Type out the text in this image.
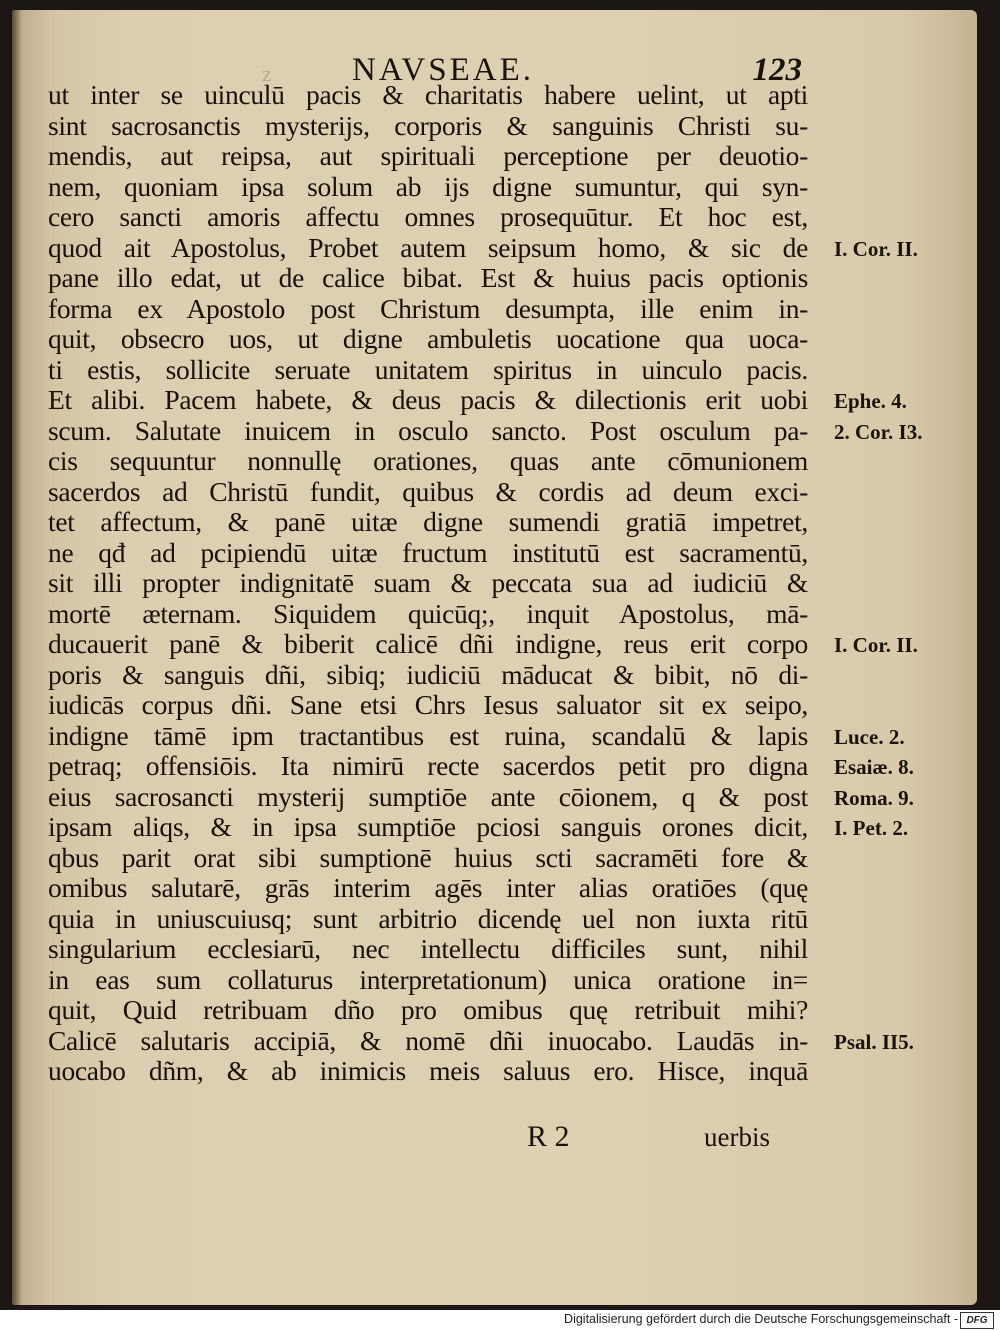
z NAVSEAE.	123
ut inter se uinculū pacis & charitatis habere uelint, ut apti
sint sacrosanctis mysterijs, corporis & sanguinis Christi su-
mendis, aut reipsa, aut spirituali perceptione per deuotio-
nem, quoniam ipsa solum ab ijs digne sumuntur, qui syn-
cero sancti amoris affectu omnes prosequūtur. Et hoc est,
quod ait Apostolus, Probet autem seipsum homo, & sic de
pane illo edat, ut de calice bibat. Est & huius pacis optionis
forma ex Apostolo post Christum desumpta, ille enim in-
quit, obsecro uos, ut digne ambuletis uocatione qua uoca-
ti estis, sollicite seruate unitatem spiritus in uinculo pacis.
Et alibi. Pacem habete, & deus pacis & dilectionis erit uobi
scum. Salutate inuicem in osculo sancto. Post osculum pa-
cis sequuntur nonnullę orationes, quas ante cōmunionem
sacerdos ad Christū fundit, quibus & cordis ad deum exci-
tet affectum, & panē uitæ digne sumendi gratiā impetret,
ne qđ ad pcipiendū uitæ fructum institutū est sacramentū,
sit illi propter indignitatē suam & peccata sua ad iudiciū &
mortē æternam. Siquidem quicūq;, inquit Apostolus, mā-
ducauerit panē & biberit calicē dñi indigne, reus erit corpo
poris & sanguis dñi, sibiq; iudiciū māducat & bibit, nō di-
iudicās corpus dñi. Sane etsi Chrs Iesus saluator sit ex seipo,
indigne tāmē ipm tractantibus est ruina, scandalū & lapis
petraq; offensiōis. Ita nimirū recte sacerdos petit pro digna
eius sacrosancti mysterij sumptiōe ante cōionem, q & post
ipsam aliqs, & in ipsa sumptiōe pciosi sanguis orones dicit,
qbus parit orat sibi sumptionē huius scti sacramēti fore &
omibus salutarē, grās interim agēs inter alias oratiōes (quę
quia in uniuscuiusq; sunt arbitrio dicendę uel non iuxta ritū
singularium ecclesiarū, nec intellectu difficiles sunt, nihil
in eas sum collaturus interpretationum) unica oratione in=
quit, Quid retribuam dño pro omibus quę retribuit mihi?
Calicē salutaris accipiā, & nomē dñi inuocabo. Laudās in-
uocabo dñm, & ab inimicis meis saluus ero. Hisce, inquā
I. Cor. II.
Ephe. 4.
2. Cor. I3.
I. Cor. II.
Luce. 2.
Esaiæ. 8.
Roma. 9.
I. Pet. 2.
Psal. II5.
R 2	uerbis
Digitalisierung gefördert durch die Deutsche Forschungsgemeinschaft - DFG
